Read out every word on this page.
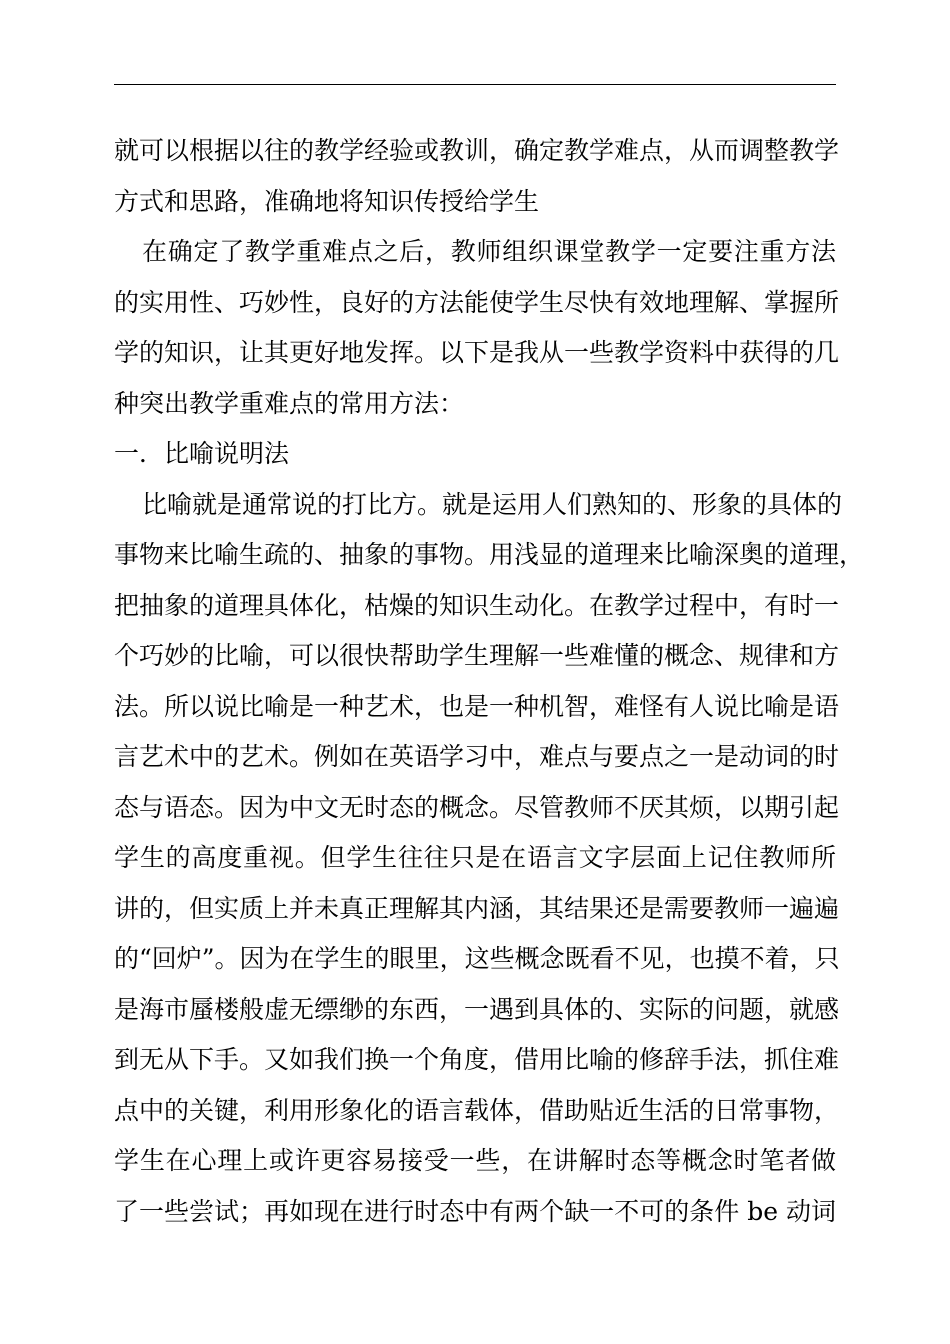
就可以根据以往的教学经验或教训，确定教学难点，从而调整教学
方式和思路，准确地将知识传授给学生
在确定了教学重难点之后，教师组织课堂教学一定要注重方法
的实用性、巧妙性，良好的方法能使学生尽快有效地理解、掌握所
学的知识，让其更好地发挥。以下是我从一些教学资料中获得的几
种突出教学重难点的常用方法：
一．比喻说明法
比喻就是通常说的打比方。就是运用人们熟知的、形象的具体的
事物来比喻生疏的、抽象的事物。用浅显的道理来比喻深奥的道理，
把抽象的道理具体化，枯燥的知识生动化。在教学过程中，有时一
个巧妙的比喻，可以很快帮助学生理解一些难懂的概念、规律和方
法。所以说比喻是一种艺术，也是一种机智，难怪有人说比喻是语
言艺术中的艺术。例如在英语学习中，难点与要点之一是动词的时
态与语态。因为中文无时态的概念。尽管教师不厌其烦，以期引起
学生的高度重视。但学生往往只是在语言文字层面上记住教师所
讲的，但实质上并未真正理解其内涵，其结果还是需要教师一遍遍
的“回炉”。因为在学生的眼里，这些概念既看不见，也摸不着，只
是海市蜃楼般虚无缥缈的东西，一遇到具体的、实际的问题，就感
到无从下手。又如我们换一个角度，借用比喻的修辞手法，抓住难
点中的关键，利用形象化的语言载体，借助贴近生活的日常事物，
学生在心理上或许更容易接受一些，在讲解时态等概念时笔者做
了一些尝试；再如现在进行时态中有两个缺一不可的条件 be 动词
